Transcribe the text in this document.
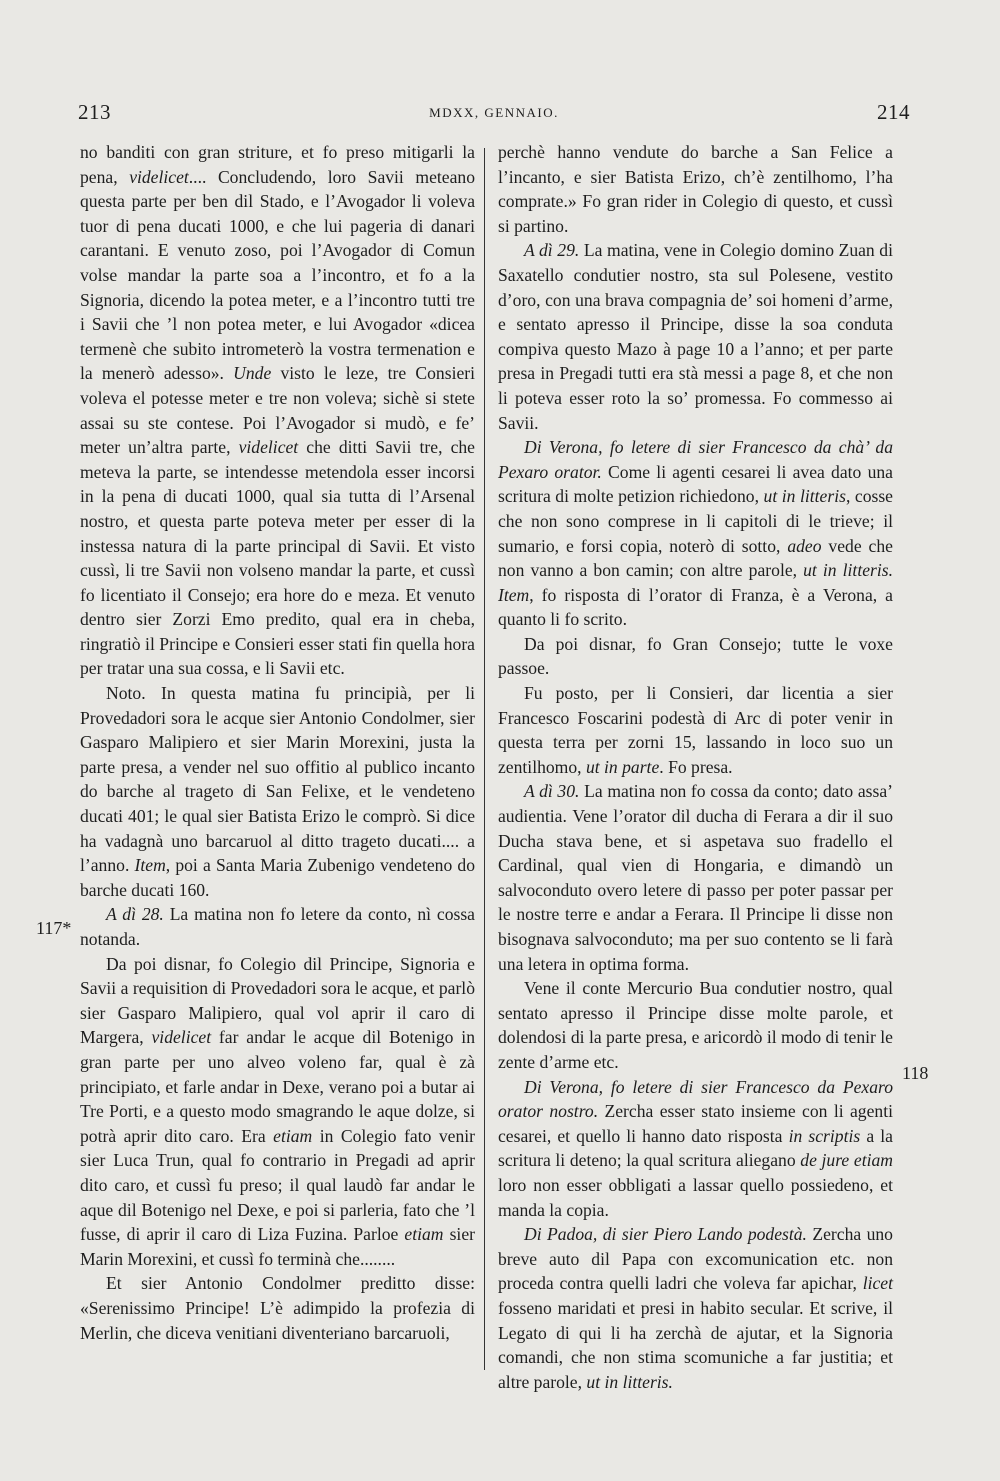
213	MDXX, GENNAIO.	214

no banditi con gran striture, et fo preso mitigarli la pena, videlicet.... Concludendo, loro Savii meteano questa parte per ben dil Stado, e l’Avogador li voleva tuor di pena ducati 1000, e che lui pageria di danari carantani. E venuto zoso, poi l’Avogador di Comun volse mandar la parte soa a l’incontro, et fo a la Signoria, dicendo la potea meter, e a l’incontro tutti tre i Savii che ’l non potea meter, e lui Avogador «dicea termenè che subito intrometerò la vostra termenation e la menerò adesso». Unde visto le leze, tre Consieri voleva el potesse meter e tre non voleva; sichè si stete assai su ste contese. Poi l’Avogador si mudò, e fe’ meter un’altra parte, videlicet che ditti Savii tre, che meteva la parte, se intendesse metendola esser incorsi in la pena di ducati 1000, qual sia tutta di l’Arsenal nostro, et questa parte poteva meter per esser di la instessa natura di la parte principal di Savii. Et visto cussì, li tre Savii non volseno mandar la parte, et cussì fo licentiato il Consejo; era hore do e meza. Et venuto dentro sier Zorzi Emo predito, qual era in cheba, ringratiò il Principe e Consieri esser stati fin quella hora per tratar una sua cossa, e li Savii etc.

Noto. In questa matina fu principià, per li Provedadori sora le acque sier Antonio Condolmer, sier Gasparo Malipiero et sier Marin Morexini, justa la parte presa, a vender nel suo offitio al publico incanto do barche al trageto di San Felixe, et le vendeteno ducati 401; le qual sier Batista Erizo le comprò. Si dice ha vadagnà uno barcaruol al ditto trageto ducati.... a l’anno. Item, poi a Santa Maria Zubenigo vendeteno do barche ducati 160.

A dì 28. La matina non fo letere da conto, nì cossa notanda.

Da poi disnar, fo Colegio dil Principe, Signoria e Savii a requisition di Provedadori sora le acque, et parlò sier Gasparo Malipiero, qual vol aprir il caro di Margera, videlicet far andar le acque dil Botenigo in gran parte per uno alveo voleno far, qual è zà principiato, et farle andar in Dexe, verano poi a butar ai Tre Porti, e a questo modo smagrando le aque dolze, si potrà aprir dito caro. Era etiam in Colegio fato venir sier Luca Trun, qual fo contrario in Pregadi ad aprir dito caro, et cussì fu preso; il qual laudò far andar le aque dil Botenigo nel Dexe, e poi si parleria, fato che ’l fusse, di aprir il caro di Liza Fuzina. Parloe etiam sier Marin Morexini, et cussì fo terminà che........

Et sier Antonio Condolmer preditto disse: «Serenissimo Principe! L’è adimpido la profezia di Merlin, che diceva venitiani diventeriano barcaruoli,

perchè hanno vendute do barche a San Felice a l’incanto, e sier Batista Erizo, ch’è zentilhomo, l’ha comprate.» Fo gran rider in Colegio di questo, et cussì si partino.

A dì 29. La matina, vene in Colegio domino Zuan di Saxatello condutier nostro, sta sul Polesene, vestito d’oro, con una brava compagnia de’ soi homeni d’arme, e sentato apresso il Principe, disse la soa conduta compiva questo Mazo à page 10 a l’anno; et per parte presa in Pregadi tutti era stà messi a page 8, et che non li poteva esser roto la so’ promessa. Fo commesso ai Savii.

Di Verona, fo letere di sier Francesco da chà’ da Pexaro orator. Come li agenti cesarei li avea dato una scritura di molte petizion richiedono, ut in litteris, cosse che non sono comprese in li capitoli di le trieve; il sumario, e forsi copia, noterò di sotto, adeo vede che non vanno a bon camin; con altre parole, ut in litteris. Item, fo risposta di l’orator di Franza, è a Verona, a quanto li fo scrito.

Da poi disnar, fo Gran Consejo; tutte le voxe passoe.

Fu posto, per li Consieri, dar licentia a sier Francesco Foscarini podestà di Arc di poter venir in questa terra per zorni 15, lassando in loco suo un zentilhomo, ut in parte. Fo presa.

A dì 30. La matina non fo cossa da conto; dato assa’ audientia. Vene l’orator dil ducha di Ferara a dir il suo Ducha stava bene, et si aspetava suo fradello el Cardinal, qual vien di Hongaria, e dimandò un salvoconduto overo letere di passo per poter passar per le nostre terre e andar a Ferara. Il Principe li disse non bisognava salvoconduto; ma per suo contento se li farà una letera in optima forma.

Vene il conte Mercurio Bua condutier nostro, qual sentato apresso il Principe disse molte parole, et dolendosi di la parte presa, e aricordò il modo di tenir le zente d’arme etc.

Di Verona, fo letere di sier Francesco da Pexaro orator nostro. Zercha esser stato insieme con li agenti cesarei, et quello li hanno dato risposta in scriptis a la scritura li deteno; la qual scritura aliegano de jure etiam loro non esser obbligati a lassar quello possiedeno, et manda la copia.

Di Padoa, di sier Piero Lando podestà. Zercha uno breve auto dil Papa con excomunication etc. non proceda contra quelli ladri che voleva far apichar, licet fosseno maridati et presi in habito secular. Et scrive, il Legato di qui li ha zerchà de ajutar, et la Signoria comandi, che non stima scomuniche a far justitia; et altre parole, ut in litteris.

117*
118
